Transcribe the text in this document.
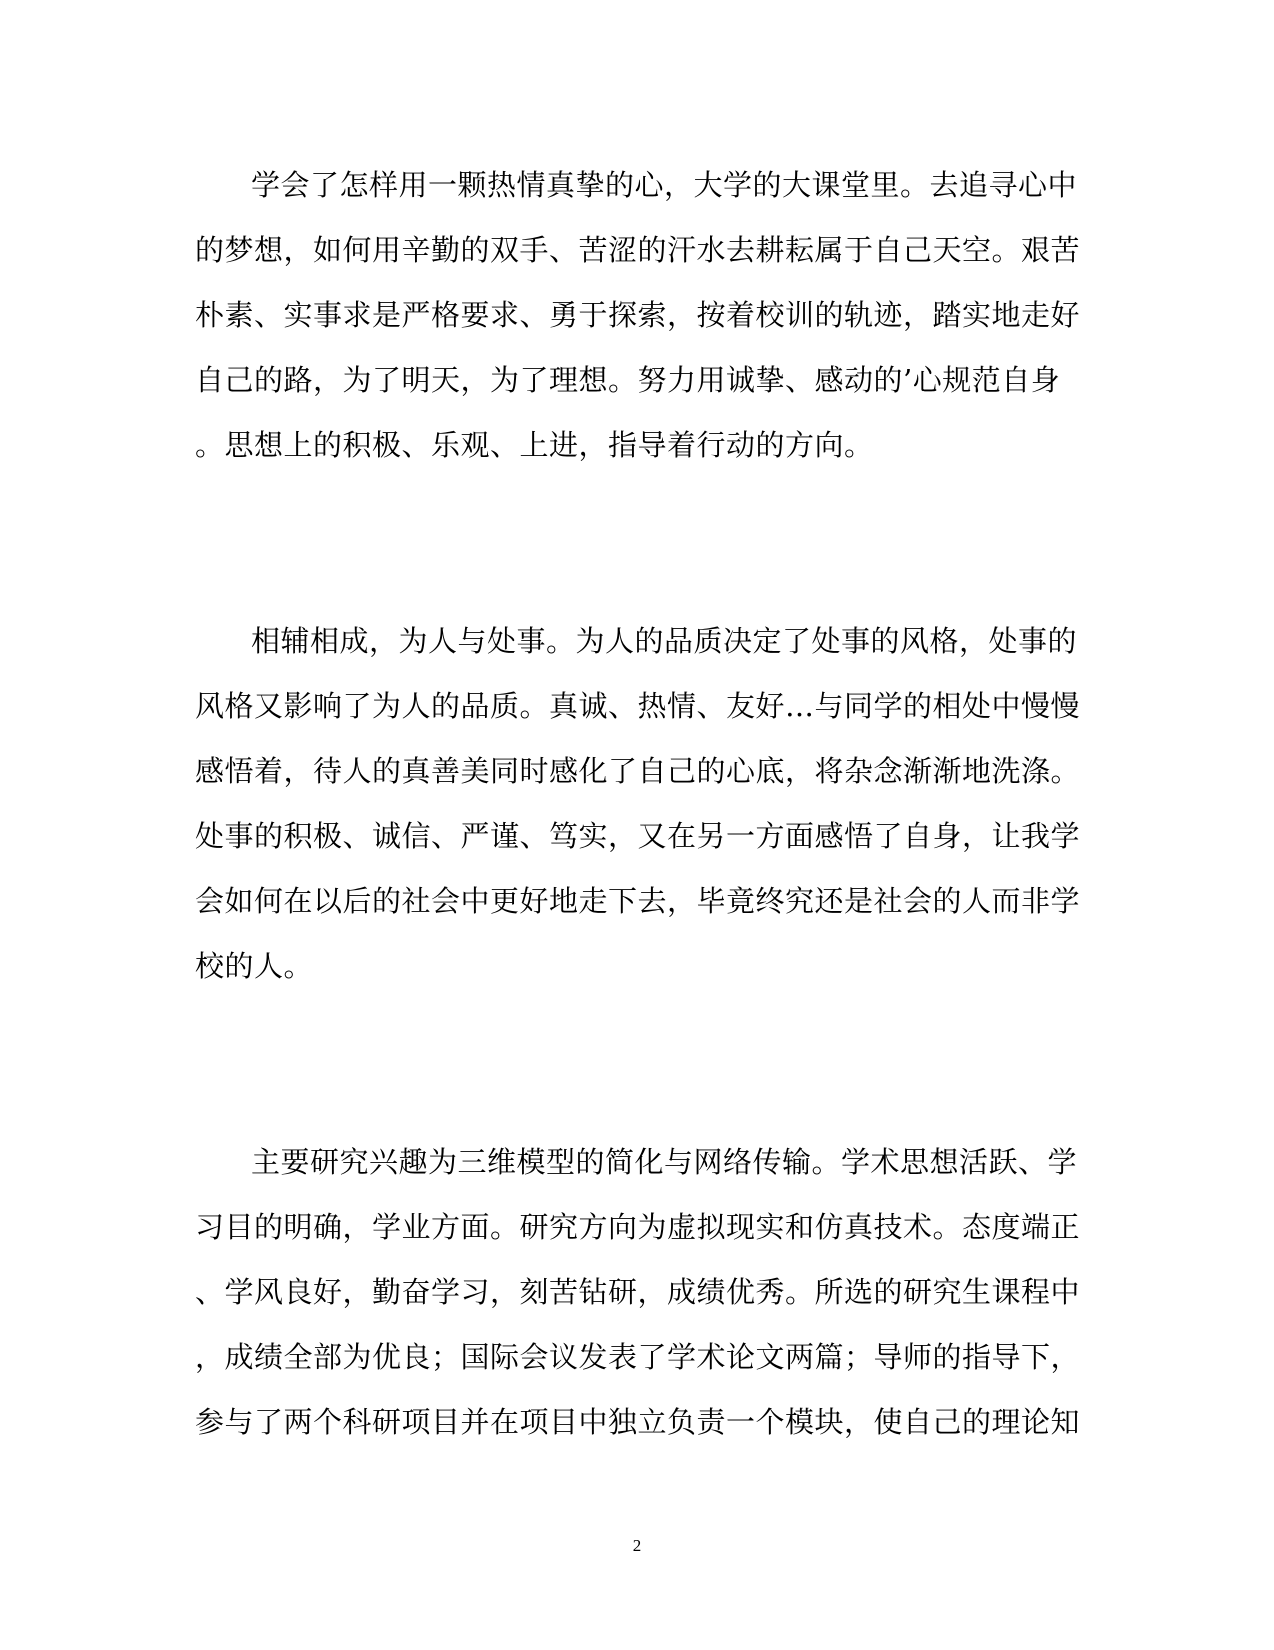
学会了怎样用一颗热情真挚的心，大学的大课堂里。去追寻心中

的梦想，如何用辛勤的双手、苦涩的汗水去耕耘属于自己天空。艰苦

朴素、实事求是严格要求、勇于探索，按着校训的轨迹，踏实地走好

自己的路，为了明天，为了理想。努力用诚挚、感动的’心规范自身

。思想上的积极、乐观、上进，指导着行动的方向。

相辅相成，为人与处事。为人的品质决定了处事的风格，处事的

风格又影响了为人的品质。真诚、热情、友好…与同学的相处中慢慢

感悟着，待人的真善美同时感化了自己的心底，将杂念渐渐地洗涤。

处事的积极、诚信、严谨、笃实，又在另一方面感悟了自身，让我学

会如何在以后的社会中更好地走下去，毕竟终究还是社会的人而非学

校的人。

主要研究兴趣为三维模型的简化与网络传输。学术思想活跃、学

习目的明确，学业方面。研究方向为虚拟现实和仿真技术。态度端正

、学风良好，勤奋学习，刻苦钻研，成绩优秀。所选的研究生课程中

，成绩全部为优良；国际会议发表了学术论文两篇；导师的指导下，

参与了两个科研项目并在项目中独立负责一个模块，使自己的理论知

2
